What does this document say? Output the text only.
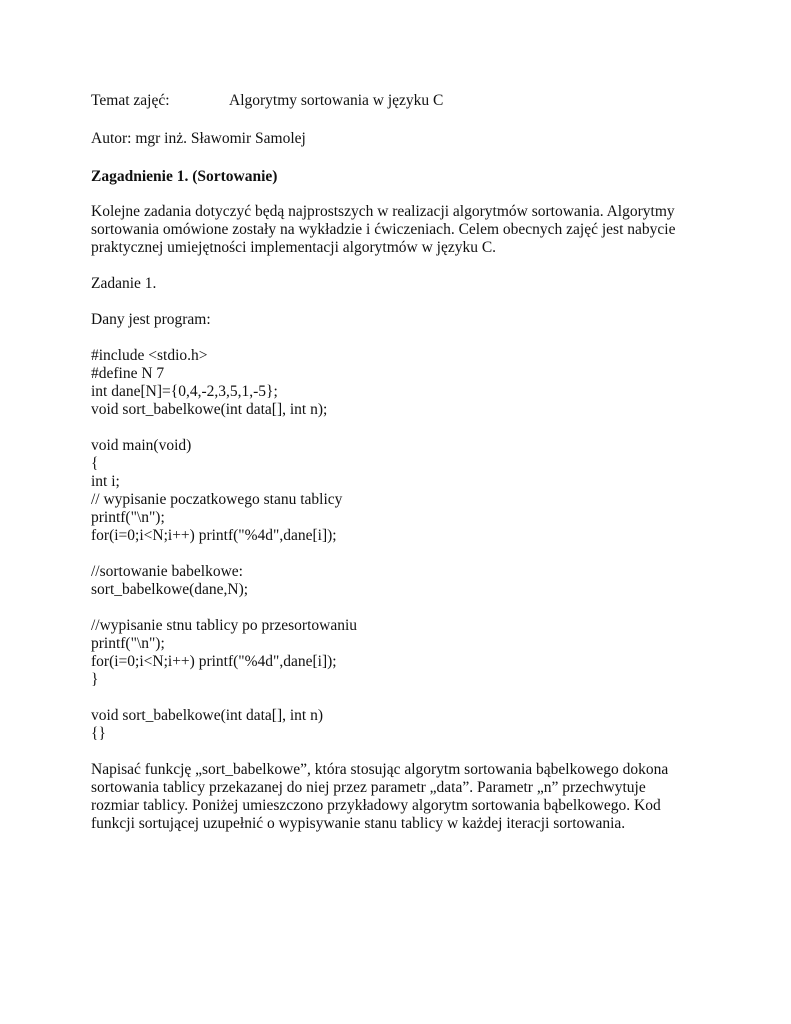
Temat zajęć:	Algorytmy sortowania w języku C
Autor: mgr inż. Sławomir Samolej
Zagadnienie 1. (Sortowanie)
Kolejne zadania dotyczyć będą najprostszych w realizacji algorytmów sortowania. Algorytmy
sortowania omówione zostały na wykładzie i ćwiczeniach. Celem obecnych zajęć jest nabycie
praktycznej umiejętności implementacji algorytmów w języku C.
Zadanie 1.
Dany jest program:
#include <stdio.h>
#define N 7
int dane[N]={0,4,-2,3,5,1,-5};
void sort_babelkowe(int data[], int n);
void main(void)
{
int i;
// wypisanie poczatkowego stanu tablicy
printf("\n");
for(i=0;i<N;i++) printf("%4d",dane[i]);
//sortowanie babelkowe:
sort_babelkowe(dane,N);
//wypisanie stnu tablicy po przesortowaniu
printf("\n");
for(i=0;i<N;i++) printf("%4d",dane[i]);
}
void sort_babelkowe(int data[], int n)
{}
Napisać funkcję „sort_babelkowe”, która stosując algorytm sortowania bąbelkowego dokona
sortowania tablicy przekazanej do niej przez parametr „data”. Parametr „n” przechwytuje
rozmiar tablicy. Poniżej umieszczono przykładowy algorytm sortowania bąbelkowego. Kod
funkcji sortującej uzupełnić o wypisywanie stanu tablicy w każdej iteracji sortowania.
